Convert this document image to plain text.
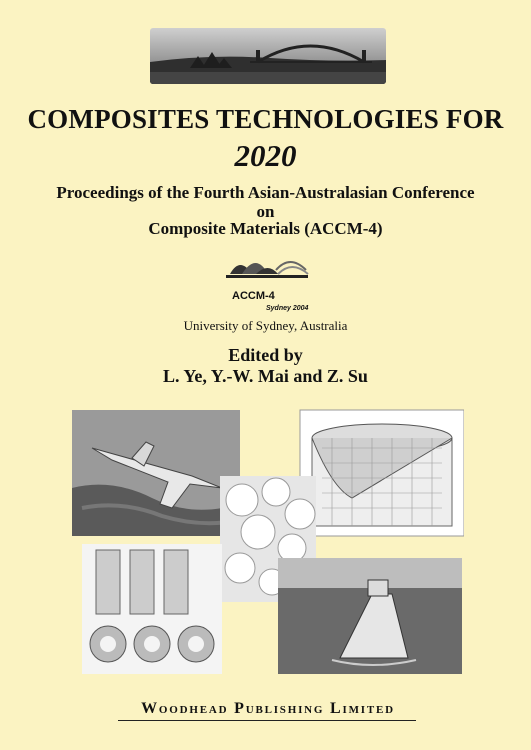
COMPOSITES TECHNOLOGIES FOR
2020
Proceedings of the Fourth Asian-Australasian Conference
on
Composite Materials (ACCM-4)
ACCM-4
Sydney 2004
University of Sydney, Australia
Edited by
L. Ye, Y.-W. Mai and Z. Su
Woodhead Publishing Limited
